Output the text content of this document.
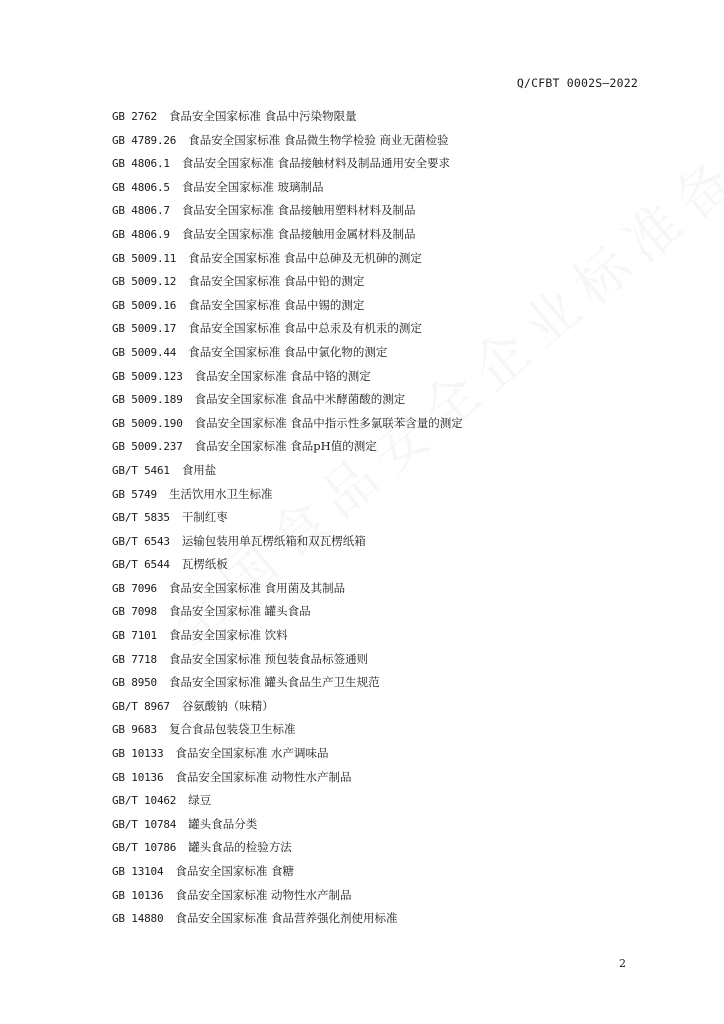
Q/CFBT 0002S—2022
GB 2762 食品安全国家标准 食品中污染物限量
GB 4789.26 食品安全国家标准 食品微生物学检验 商业无菌检验
GB 4806.1 食品安全国家标准 食品接触材料及制品通用安全要求
GB 4806.5 食品安全国家标准 玻璃制品
GB 4806.7 食品安全国家标准 食品接触用塑料材料及制品
GB 4806.9 食品安全国家标准 食品接触用金属材料及制品
GB 5009.11 食品安全国家标准 食品中总砷及无机砷的测定
GB 5009.12 食品安全国家标准 食品中铅的测定
GB 5009.16 食品安全国家标准 食品中锡的测定
GB 5009.17 食品安全国家标准 食品中总汞及有机汞的测定
GB 5009.44 食品安全国家标准 食品中氯化物的测定
GB 5009.123 食品安全国家标准 食品中铬的测定
GB 5009.189 食品安全国家标准 食品中米酵菌酸的测定
GB 5009.190 食品安全国家标准 食品中指示性多氯联苯含量的测定
GB 5009.237 食品安全国家标准 食品pH值的测定
GB/T 5461 食用盐
GB 5749 生活饮用水卫生标准
GB/T 5835 干制红枣
GB/T 6543 运输包装用单瓦楞纸箱和双瓦楞纸箱
GB/T 6544 瓦楞纸板
GB 7096 食品安全国家标准 食用菌及其制品
GB 7098 食品安全国家标准 罐头食品
GB 7101 食品安全国家标准 饮料
GB 7718 食品安全国家标准 预包装食品标签通则
GB 8950 食品安全国家标准 罐头食品生产卫生规范
GB/T 8967 谷氨酸钠（味精）
GB 9683 复合食品包装袋卫生标准
GB 10133 食品安全国家标准 水产调味品
GB 10136 食品安全国家标准 动物性水产制品
GB/T 10462 绿豆
GB/T 10784 罐头食品分类
GB/T 10786 罐头食品的检验方法
GB 13104 食品安全国家标准 食糖
GB 10136 食品安全国家标准 动物性水产制品
GB 14880 食品安全国家标准 食品营养强化剂使用标准
2
